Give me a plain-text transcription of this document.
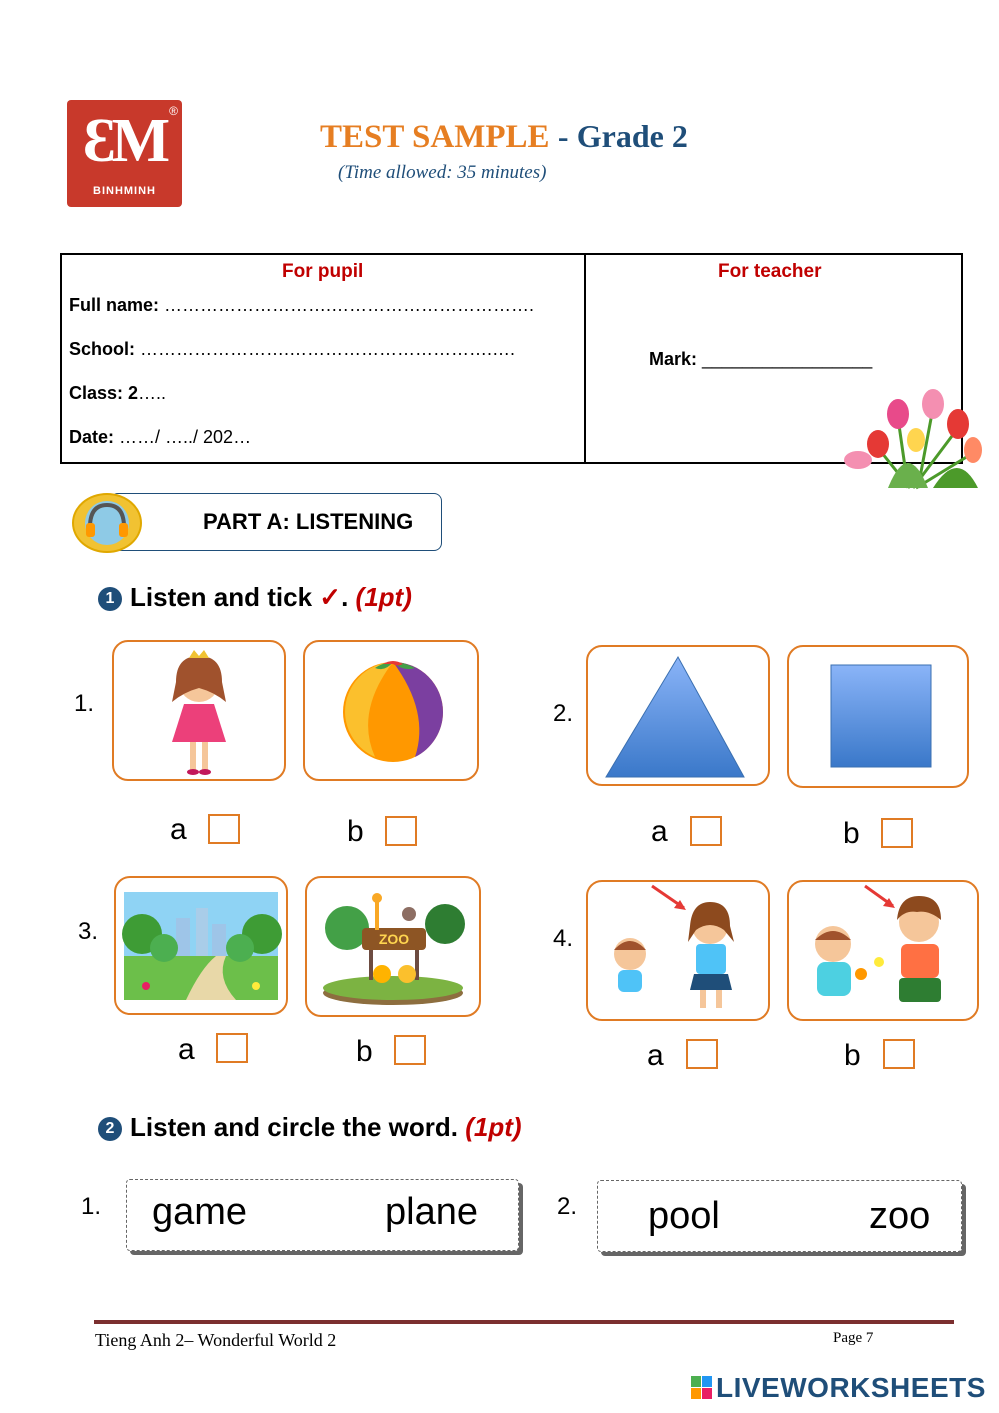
ƐM ®
BINHMINH
TEST SAMPLE - Grade 2
(Time allowed: 35 minutes)
For pupil	For teacher
Full name: ……………………….…………………………….
School: …………………….…………………………….….
Class: 2…..
Date: ……/ …../ 202…
Mark: _________________
PART A: LISTENING
1 Listen and tick ✓. (1pt)
1.
a	b
2.
a	b
3.	ZOO
a	b
4.
a	b
2 Listen and circle the word. (1pt)
1. game	plane	2. pool	zoo
Tieng Anh 2– Wonderful World 2	Page 7
LIVEWORKSHEETS
